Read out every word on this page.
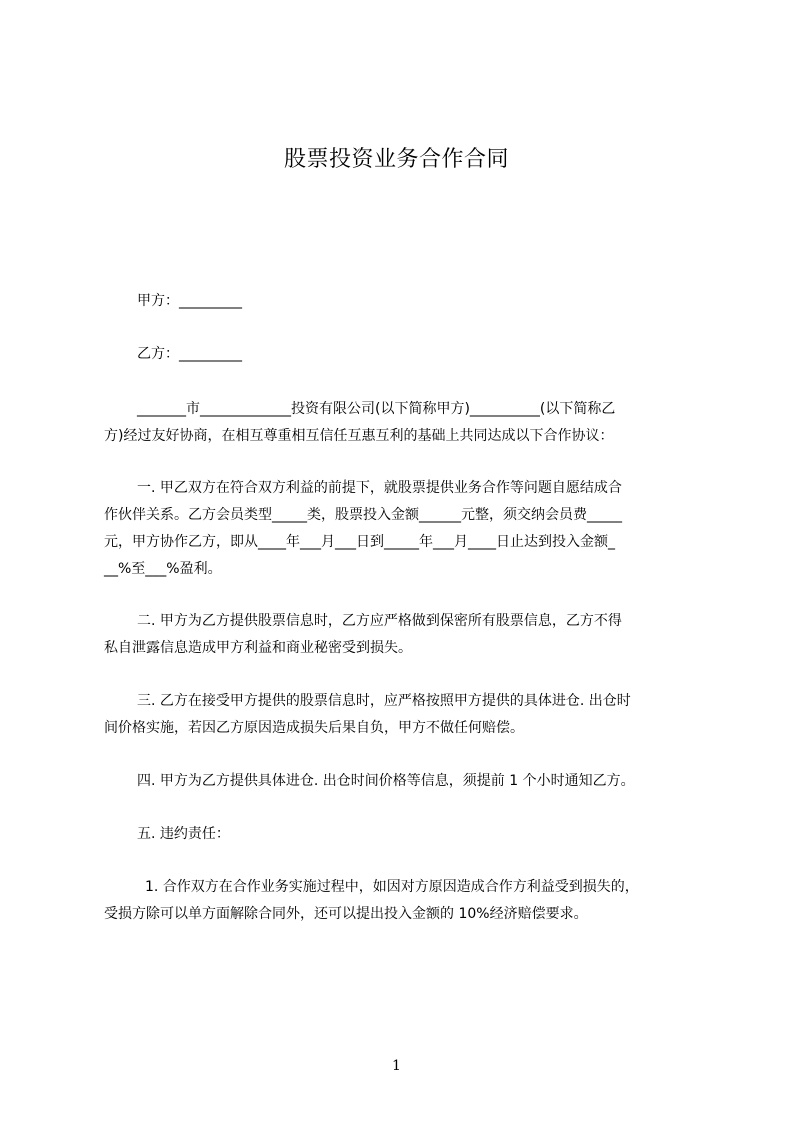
股票投资业务合作合同
甲方：_________
乙方：_________
_______市_____________投资有限公司(以下简称甲方)__________(以下简称乙
方)经过友好协商，在相互尊重相互信任互惠互利的基础上共同达成以下合作协议：
一. 甲乙双方在符合双方利益的前提下，就股票提供业务合作等问题自愿结成合
作伙伴关系。乙方会员类型_____类，股票投入金额______元整，须交纳会员费_____
元，甲方协作乙方，即从____年___月___日到_____年___月____日止达到投入金额_
__%至___%盈利。
二. 甲方为乙方提供股票信息时，乙方应严格做到保密所有股票信息，乙方不得
私自泄露信息造成甲方利益和商业秘密受到损失。
三. 乙方在接受甲方提供的股票信息时，应严格按照甲方提供的具体进仓. 出仓时
间价格实施，若因乙方原因造成损失后果自负，甲方不做任何赔偿。
四. 甲方为乙方提供具体进仓. 出仓时间价格等信息，须提前 1 个小时通知乙方。
五. 违约责任：
1. 合作双方在合作业务实施过程中，如因对方原因造成合作方利益受到损失的，
受损方除可以单方面解除合同外，还可以提出投入金额的 10%经济赔偿要求。
1
